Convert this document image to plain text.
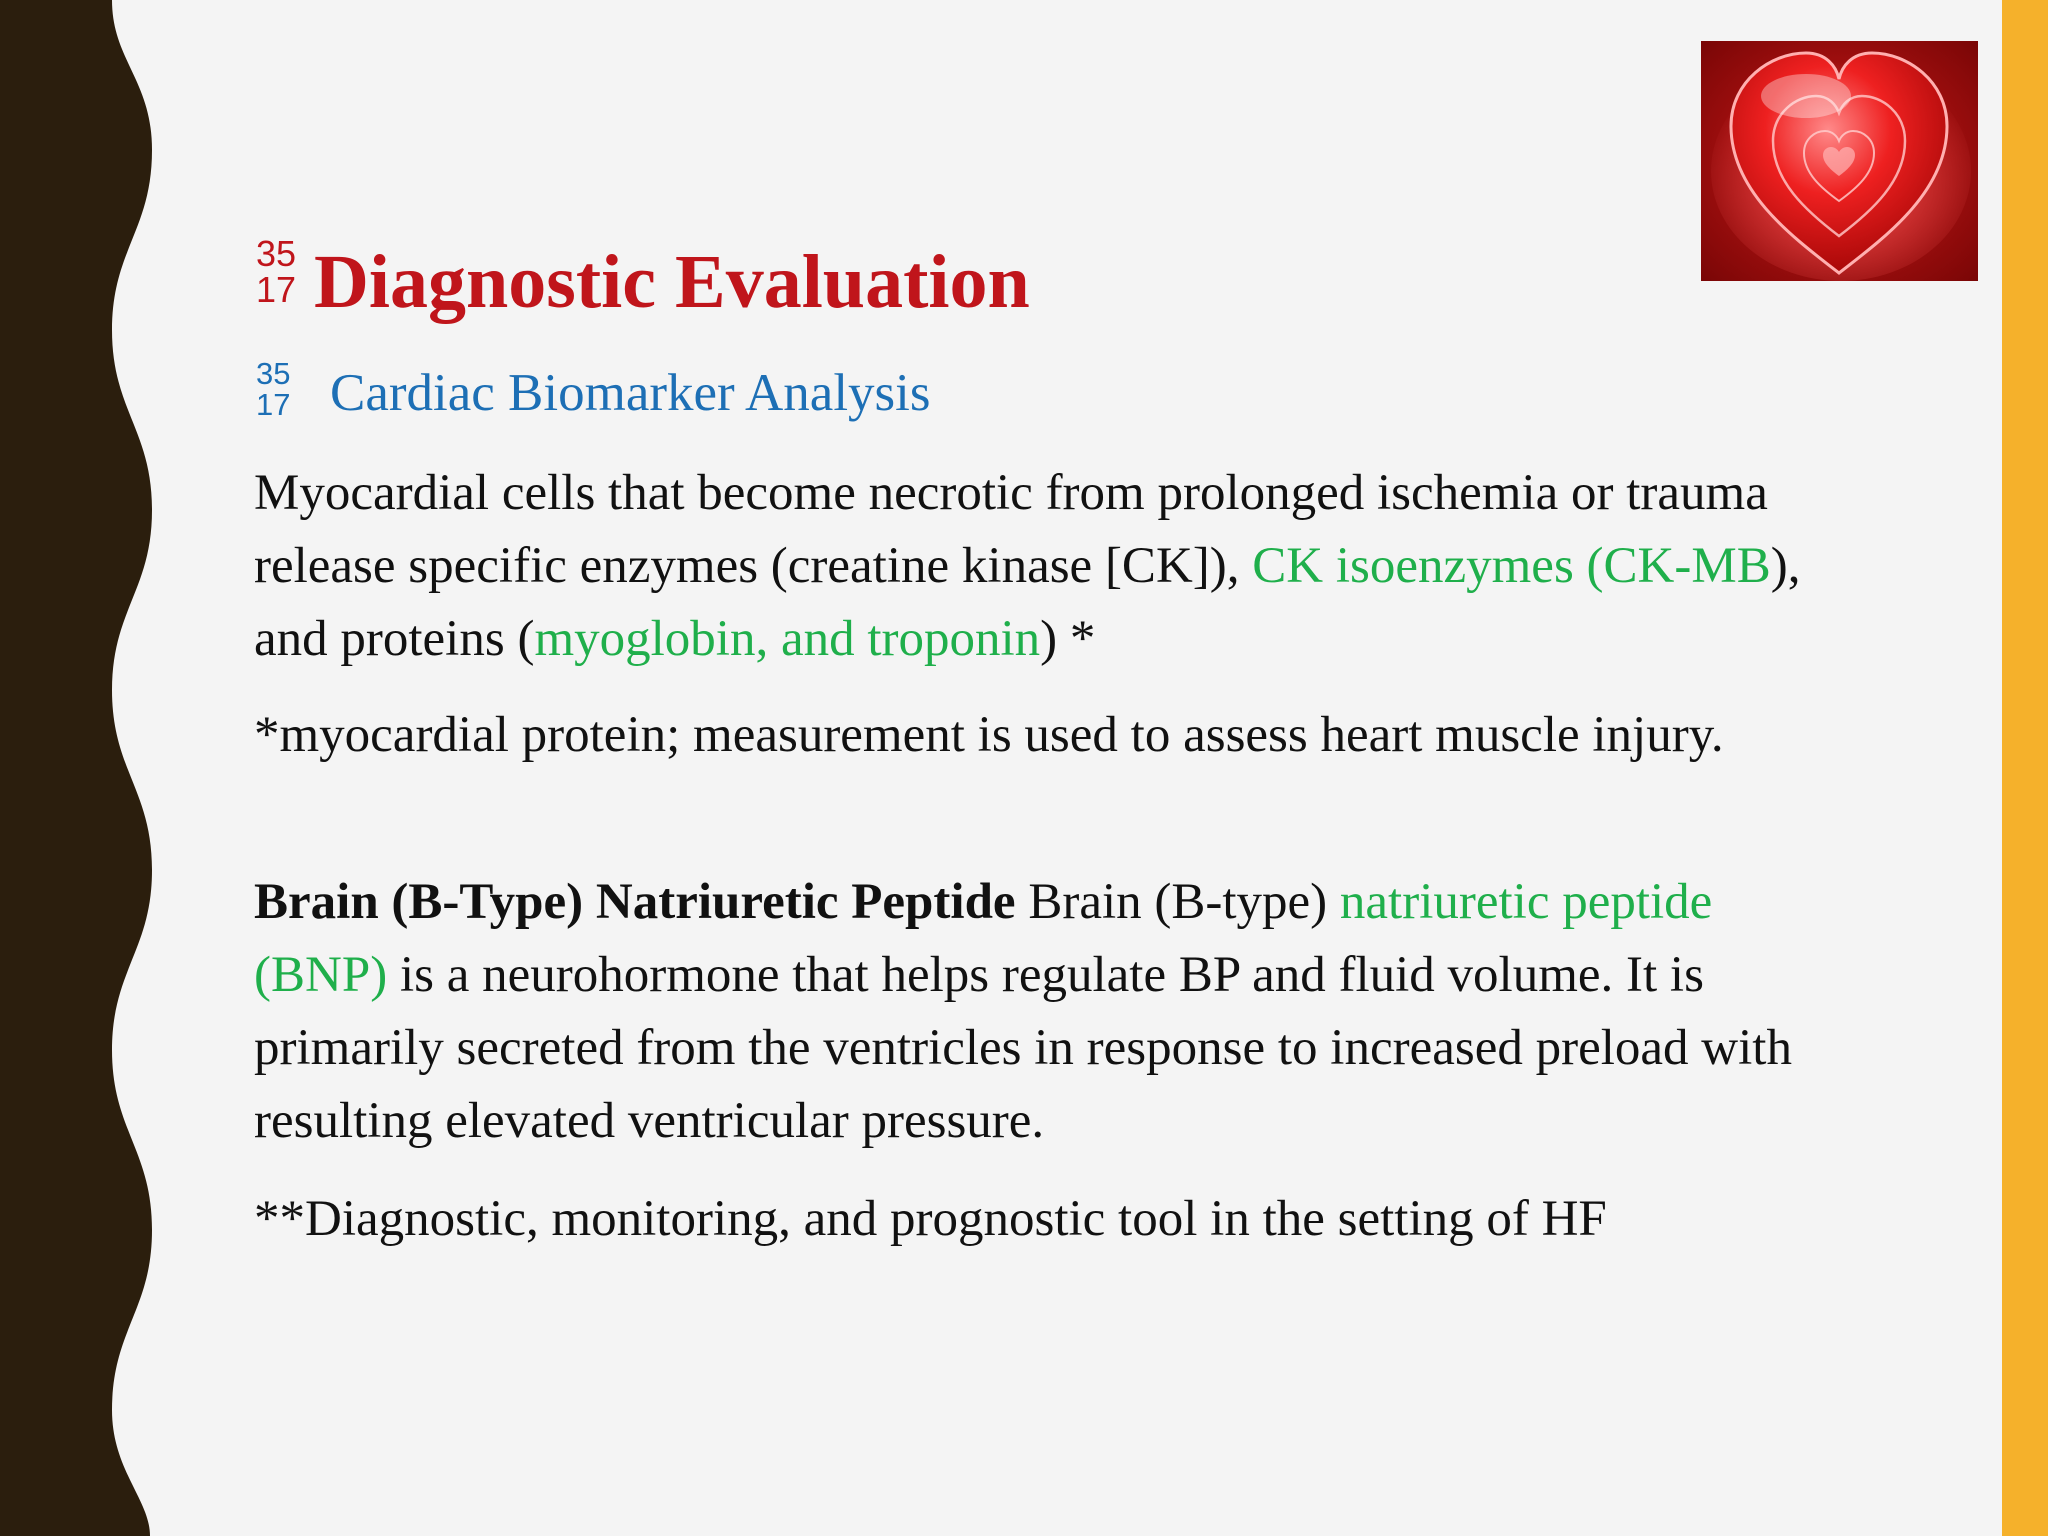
35
17 Diagnostic Evaluation
35
17 Cardiac Biomarker Analysis
Myocardial cells that become necrotic from prolonged ischemia or trauma release specific enzymes (creatine kinase [CK]), CK isoenzymes (CK-MB), and proteins (myoglobin, and troponin) *
*myocardial protein; measurement is used to assess heart muscle injury.
Brain (B-Type) Natriuretic Peptide Brain (B-type) natriuretic peptide (BNP) is a neurohormone that helps regulate BP and fluid volume. It is primarily secreted from the ventricles in response to increased preload with resulting elevated ventricular pressure.
**Diagnostic, monitoring, and prognostic tool in the setting of HF
